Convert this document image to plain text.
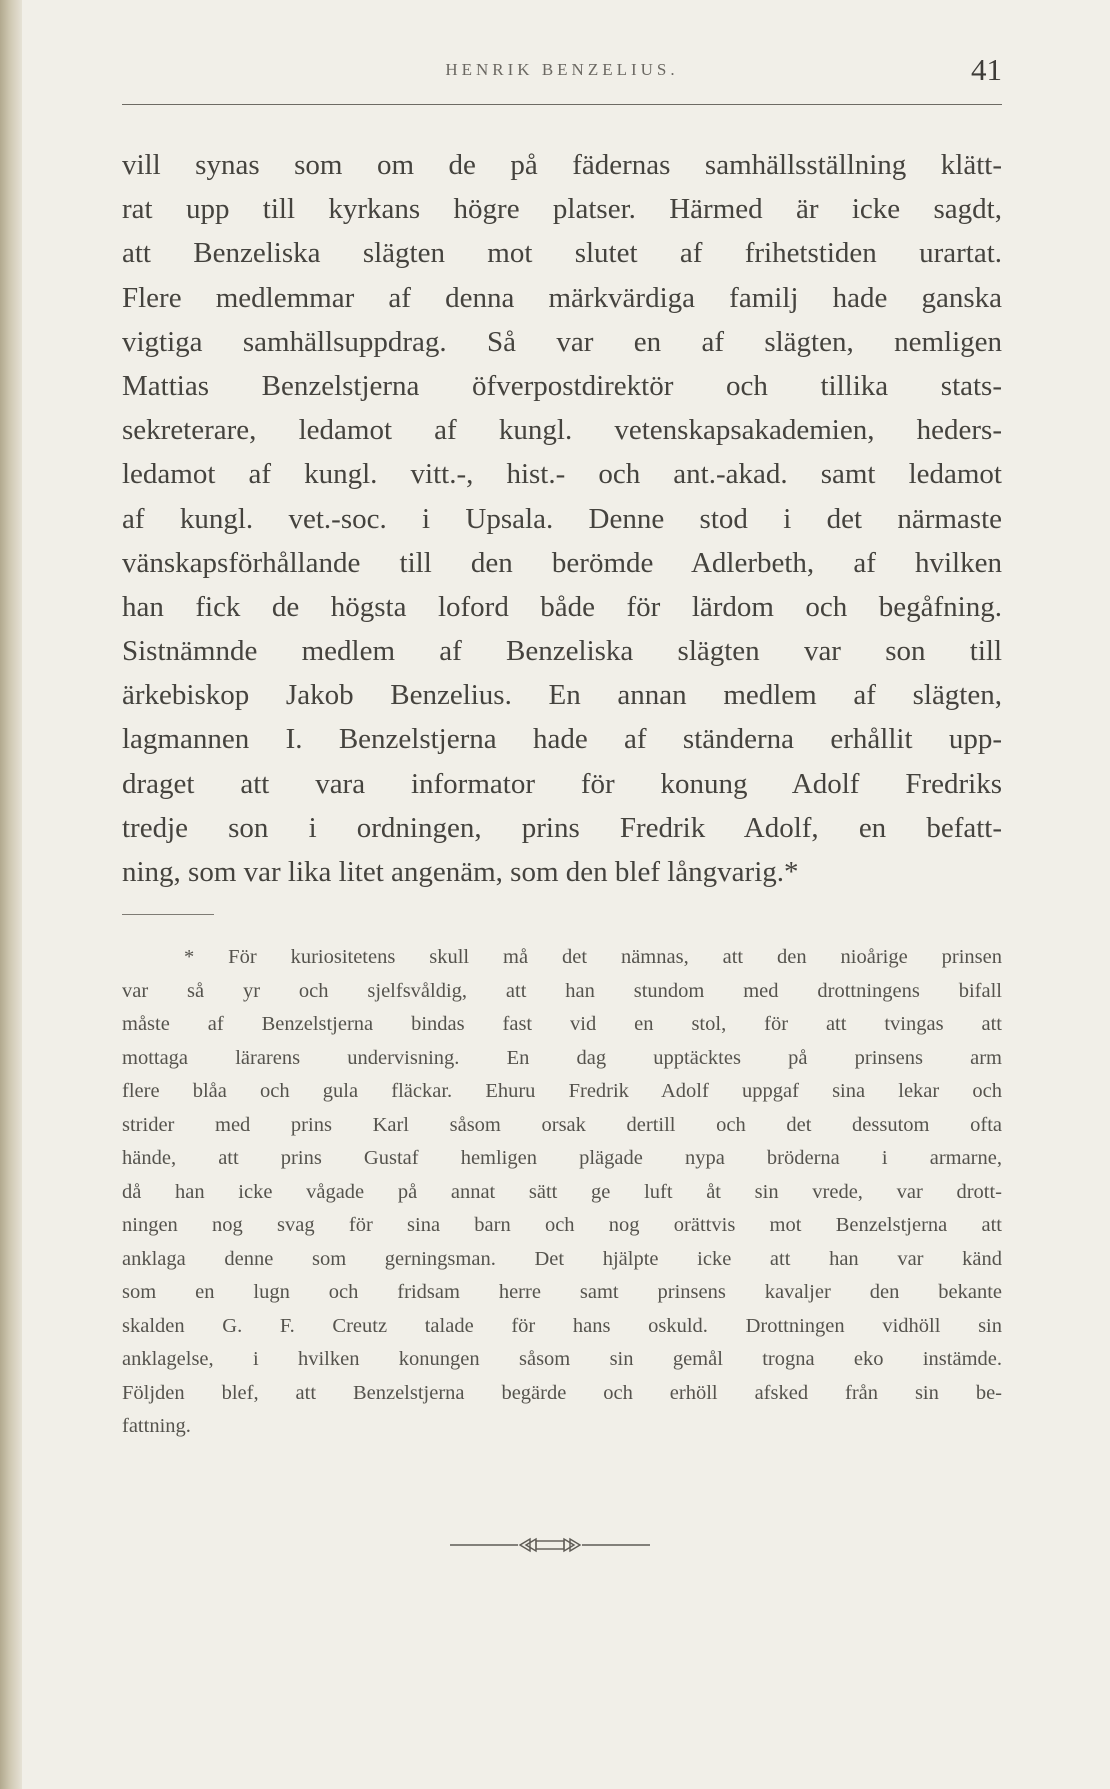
HENRIK BENZELIUS.	41
vill synas som om de på fädernas samhällsställning klätt-
rat upp till kyrkans högre platser. Härmed är icke sagdt,
att Benzeliska slägten mot slutet af frihetstiden urartat.
Flere medlemmar af denna märkvärdiga familj hade ganska
vigtiga samhällsuppdrag. Så var en af slägten, nemligen
Mattias Benzelstjerna öfverpostdirektör och tillika stats-
sekreterare, ledamot af kungl. vetenskapsakademien, heders-
ledamot af kungl. vitt.-, hist.- och ant.-akad. samt ledamot
af kungl. vet.-soc. i Upsala. Denne stod i det närmaste
vänskapsförhållande till den berömde Adlerbeth, af hvilken
han fick de högsta loford både för lärdom och begåfning.
Sistnämnde medlem af Benzeliska slägten var son till
ärkebiskop Jakob Benzelius. En annan medlem af slägten,
lagmannen I. Benzelstjerna hade af ständerna erhållit upp-
draget att vara informator för konung Adolf Fredriks
tredje son i ordningen, prins Fredrik Adolf, en befatt-
ning, som var lika litet angenäm, som den blef långvarig.*
* För kuriositetens skull må det nämnas, att den nioårige prinsen
var så yr och sjelfsvåldig, att han stundom med drottningens bifall
måste af Benzelstjerna bindas fast vid en stol, för att tvingas att
mottaga lärarens undervisning. En dag upptäcktes på prinsens arm
flere blåa och gula fläckar. Ehuru Fredrik Adolf uppgaf sina lekar och
strider med prins Karl såsom orsak dertill och det dessutom ofta
hände, att prins Gustaf hemligen plägade nypa bröderna i armarne,
då han icke vågade på annat sätt ge luft åt sin vrede, var drott-
ningen nog svag för sina barn och nog orättvis mot Benzelstjerna att
anklaga denne som gerningsman. Det hjälpte icke att han var känd
som en lugn och fridsam herre samt prinsens kavaljer den bekante
skalden G. F. Creutz talade för hans oskuld. Drottningen vidhöll sin
anklagelse, i hvilken konungen såsom sin gemål trogna eko instämde.
Följden blef, att Benzelstjerna begärde och erhöll afsked från sin be-
fattning.
